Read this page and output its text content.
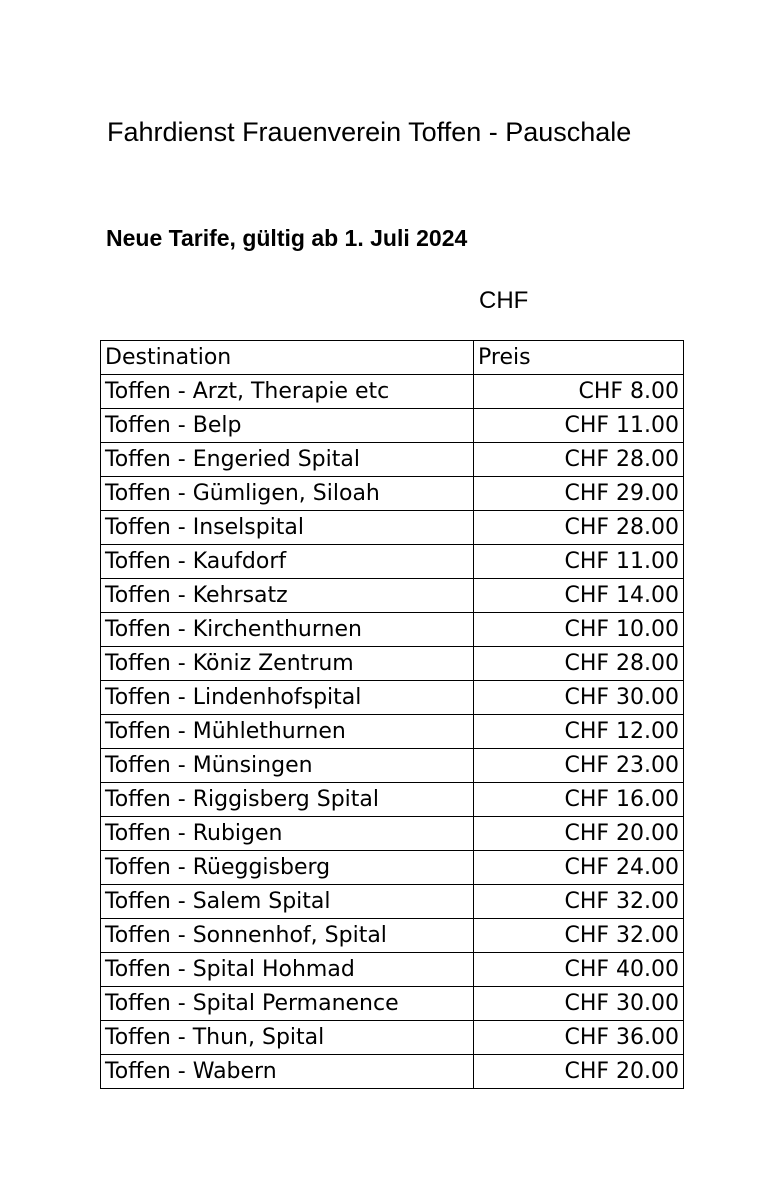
Fahrdienst Frauenverein Toffen - Pauschale
Neue Tarife, gültig ab 1. Juli 2024
CHF
Destination	Preis
Toffen - Arzt, Therapie etc	CHF 8.00
Toffen - Belp	CHF 11.00
Toffen - Engeried Spital	CHF 28.00
Toffen - Gümligen, Siloah	CHF 29.00
Toffen - Inselspital	CHF 28.00
Toffen - Kaufdorf	CHF 11.00
Toffen - Kehrsatz	CHF 14.00
Toffen - Kirchenthurnen	CHF 10.00
Toffen - Köniz Zentrum	CHF 28.00
Toffen - Lindenhofspital	CHF 30.00
Toffen - Mühlethurnen	CHF 12.00
Toffen - Münsingen	CHF 23.00
Toffen - Riggisberg Spital	CHF 16.00
Toffen - Rubigen	CHF 20.00
Toffen - Rüeggisberg	CHF 24.00
Toffen - Salem Spital	CHF 32.00
Toffen - Sonnenhof, Spital	CHF 32.00
Toffen - Spital Hohmad	CHF 40.00
Toffen - Spital Permanence	CHF 30.00
Toffen - Thun, Spital	CHF 36.00
Toffen - Wabern	CHF 20.00
